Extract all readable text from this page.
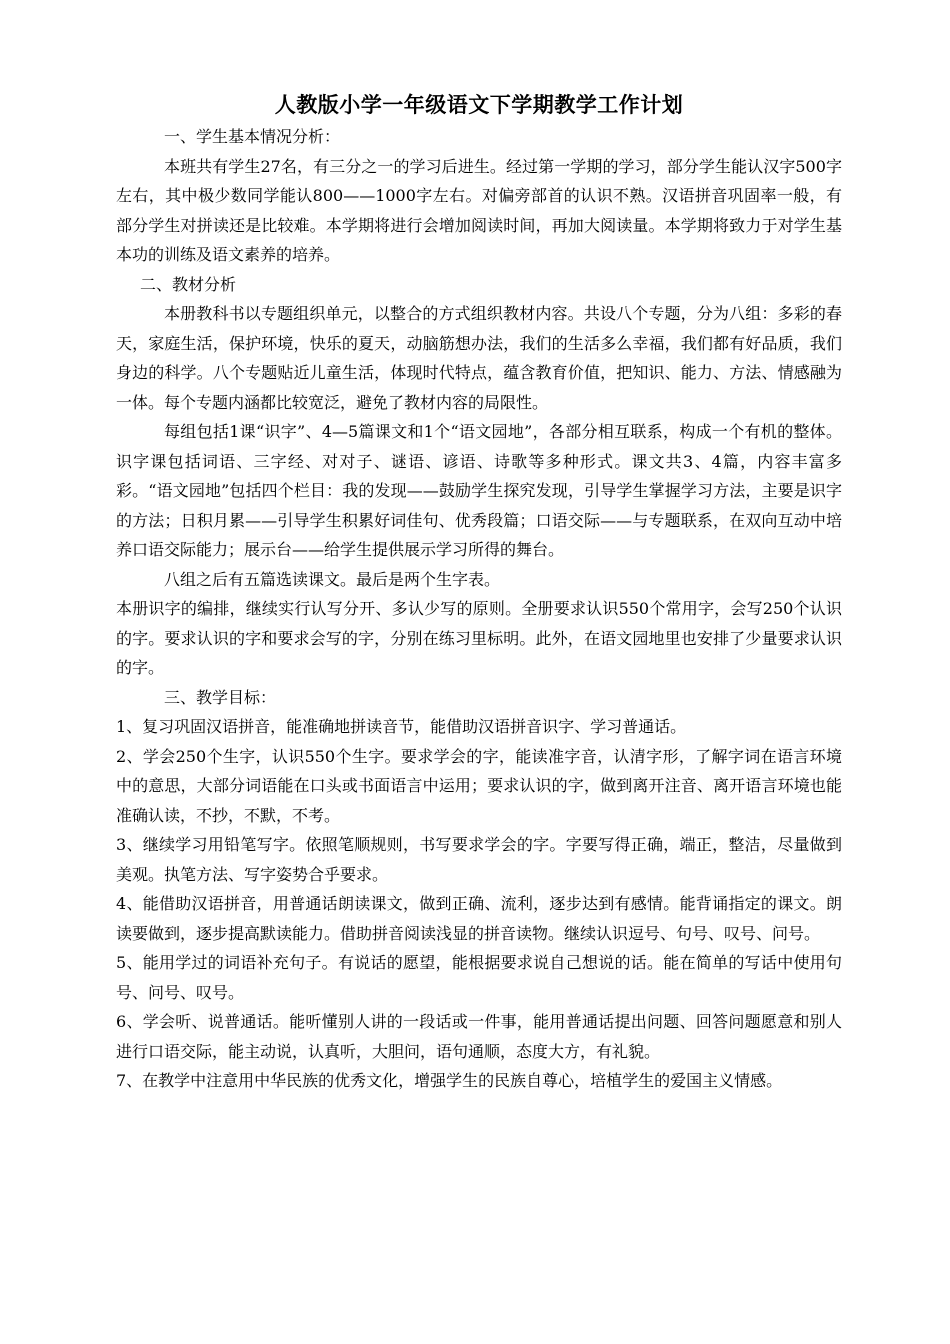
人教版小学一年级语文下学期教学工作计划

一、学生基本情况分析：

本班共有学生27名，有三分之一的学习后进生。经过第一学期的学习，部分学生能认汉字500字左右，其中极少数同学能认800——1000字左右。对偏旁部首的认识不熟。汉语拼音巩固率一般，有部分学生对拼读还是比较难。本学期将进行会增加阅读时间，再加大阅读量。本学期将致力于对学生基本功的训练及语文素养的培养。

二、教材分析

本册教科书以专题组织单元，以整合的方式组织教材内容。共设八个专题，分为八组：多彩的春天，家庭生活，保护环境，快乐的夏天，动脑筋想办法，我们的生活多么幸福，我们都有好品质，我们身边的科学。八个专题贴近儿童生活，体现时代特点，蕴含教育价值，把知识、能力、方法、情感融为一体。每个专题内涵都比较宽泛，避免了教材内容的局限性。

每组包括1课“识字”、4—5篇课文和1个“语文园地”，各部分相互联系，构成一个有机的整体。识字课包括词语、三字经、对对子、谜语、谚语、诗歌等多种形式。课文共3、4篇，内容丰富多彩。“语文园地”包括四个栏目：我的发现——鼓励学生探究发现，引导学生掌握学习方法，主要是识字的方法；日积月累——引导学生积累好词佳句、优秀段篇；口语交际——与专题联系，在双向互动中培养口语交际能力；展示台——给学生提供展示学习所得的舞台。

八组之后有五篇选读课文。最后是两个生字表。

本册识字的编排，继续实行认写分开、多认少写的原则。全册要求认识550个常用字，会写250个认识的字。要求认识的字和要求会写的字，分别在练习里标明。此外，在语文园地里也安排了少量要求认识的字。

三、教学目标：

1、复习巩固汉语拼音，能准确地拼读音节，能借助汉语拼音识字、学习普通话。

2、学会250个生字，认识550个生字。要求学会的字，能读准字音，认清字形，了解字词在语言环境中的意思，大部分词语能在口头或书面语言中运用；要求认识的字，做到离开注音、离开语言环境也能准确认读，不抄，不默，不考。

3、继续学习用铅笔写字。依照笔顺规则，书写要求学会的字。字要写得正确，端正，整洁，尽量做到美观。执笔方法、写字姿势合乎要求。

4、能借助汉语拼音，用普通话朗读课文，做到正确、流利，逐步达到有感情。能背诵指定的课文。朗读要做到，逐步提高默读能力。借助拼音阅读浅显的拼音读物。继续认识逗号、句号、叹号、问号。

5、能用学过的词语补充句子。有说话的愿望，能根据要求说自己想说的话。能在简单的写话中使用句号、问号、叹号。

6、学会听、说普通话。能听懂别人讲的一段话或一件事，能用普通话提出问题、回答问题愿意和别人进行口语交际，能主动说，认真听，大胆问，语句通顺，态度大方，有礼貌。

7、在教学中注意用中华民族的优秀文化，增强学生的民族自尊心，培植学生的爱国主义情感。
